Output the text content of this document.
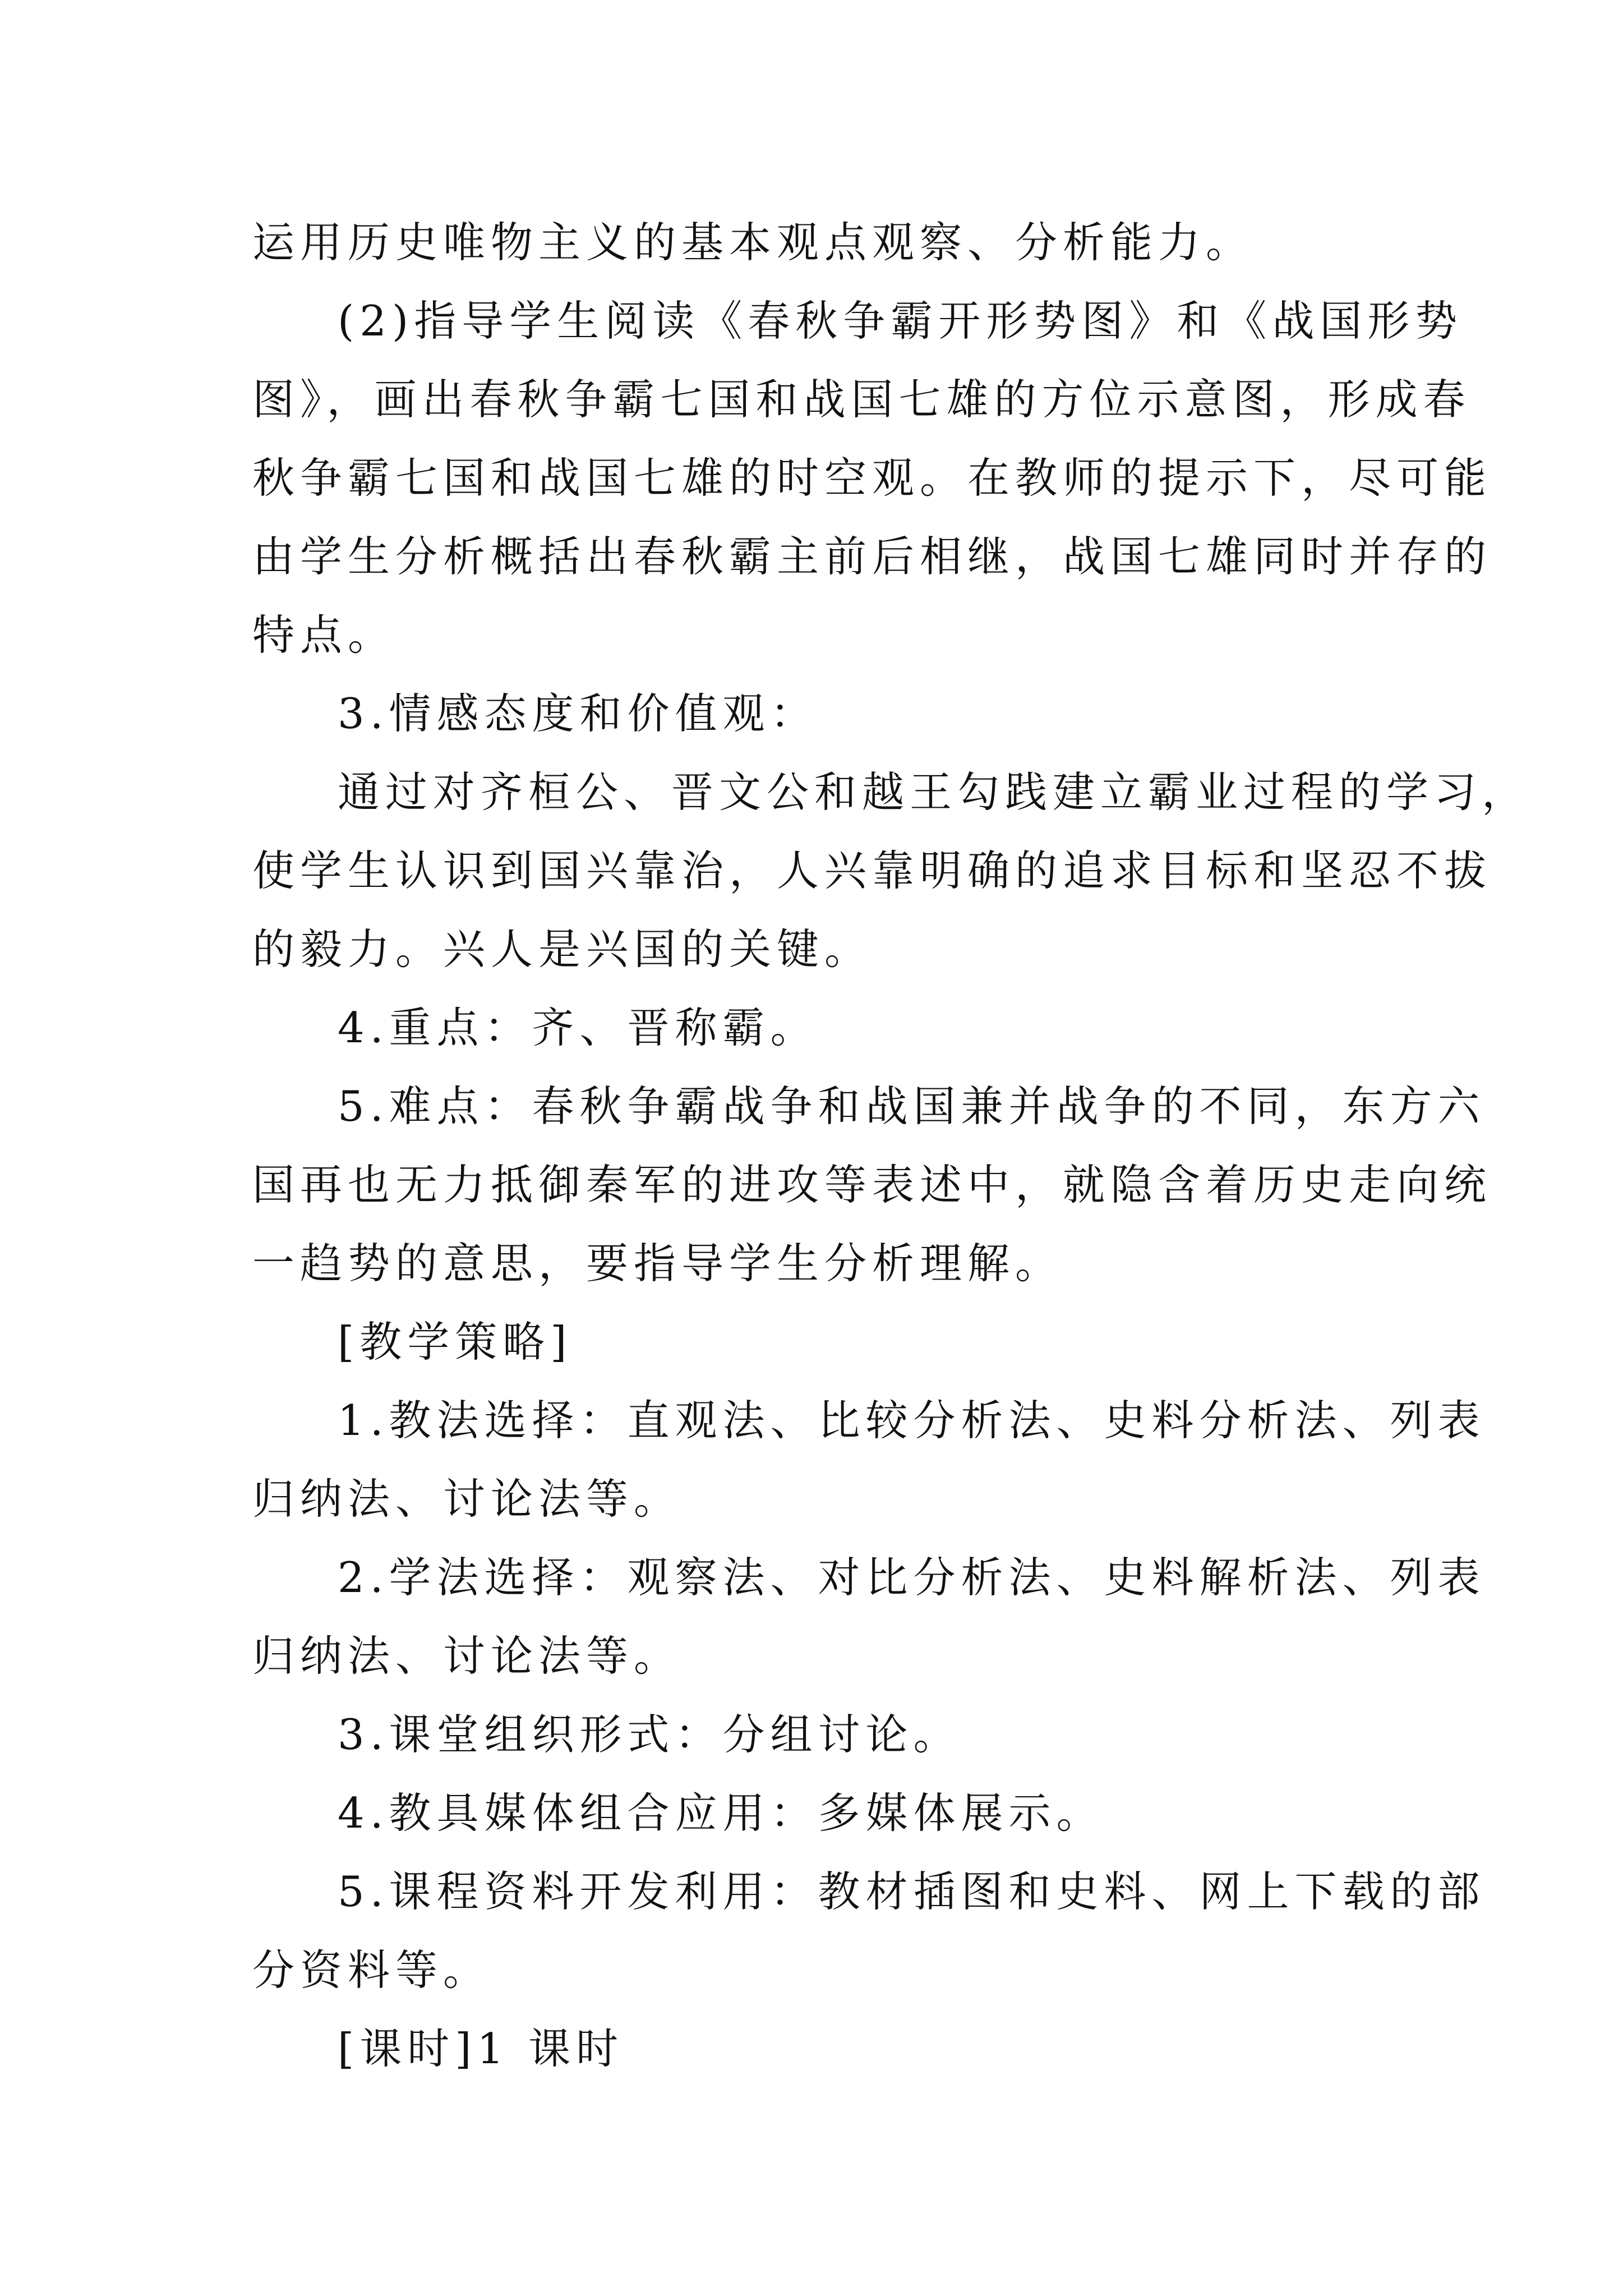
运用历史唯物主义的基本观点观察、分析能力。
(2)指导学生阅读《春秋争霸开形势图》和《战国形势
图》，画出春秋争霸七国和战国七雄的方位示意图，形成春
秋争霸七国和战国七雄的时空观。在教师的提示下，尽可能
由学生分析概括出春秋霸主前后相继，战国七雄同时并存的
特点。
3.情感态度和价值观：
通过对齐桓公、晋文公和越王勾践建立霸业过程的学习，
使学生认识到国兴靠治，人兴靠明确的追求目标和坚忍不拔
的毅力。兴人是兴国的关键。
4.重点：齐、晋称霸。
5.难点：春秋争霸战争和战国兼并战争的不同，东方六
国再也无力抵御秦军的进攻等表述中，就隐含着历史走向统
一趋势的意思，要指导学生分析理解。
[教学策略]
1.教法选择：直观法、比较分析法、史料分析法、列表
归纳法、讨论法等。
2.学法选择：观察法、对比分析法、史料解析法、列表
归纳法、讨论法等。
3.课堂组织形式：分组讨论。
4.教具媒体组合应用：多媒体展示。
5.课程资料开发利用：教材插图和史料、网上下载的部
分资料等。
[课时]1 课时
